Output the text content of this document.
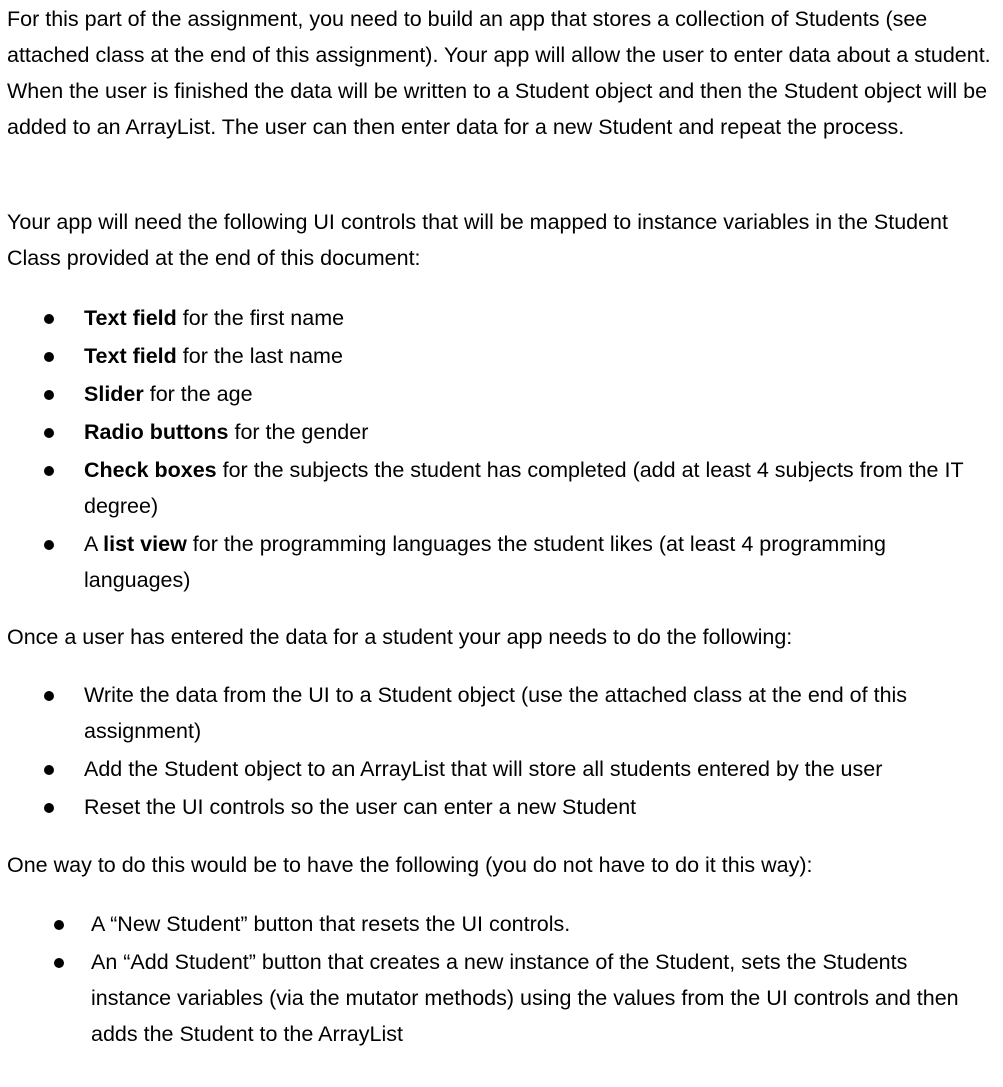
For this part of the assignment, you need to build an app that stores a collection of Students (see attached class at the end of this assignment). Your app will allow the user to enter data about a student. When the user is finished the data will be written to a Student object and then the Student object will be added to an ArrayList. The user can then enter data for a new Student and repeat the process.

Your app will need the following UI controls that will be mapped to instance variables in the Student Class provided at the end of this document:

Text field for the first name
Text field for the last name
Slider for the age
Radio buttons for the gender
Check boxes for the subjects the student has completed (add at least 4 subjects from the IT degree)
A list view for the programming languages the student likes (at least 4 programming languages)

Once a user has entered the data for a student your app needs to do the following:

Write the data from the UI to a Student object (use the attached class at the end of this assignment)
Add the Student object to an ArrayList that will store all students entered by the user
Reset the UI controls so the user can enter a new Student

One way to do this would be to have the following (you do not have to do it this way):

A “New Student” button that resets the UI controls.
An “Add Student” button that creates a new instance of the Student, sets the Students instance variables (via the mutator methods) using the values from the UI controls and then adds the Student to the ArrayList
